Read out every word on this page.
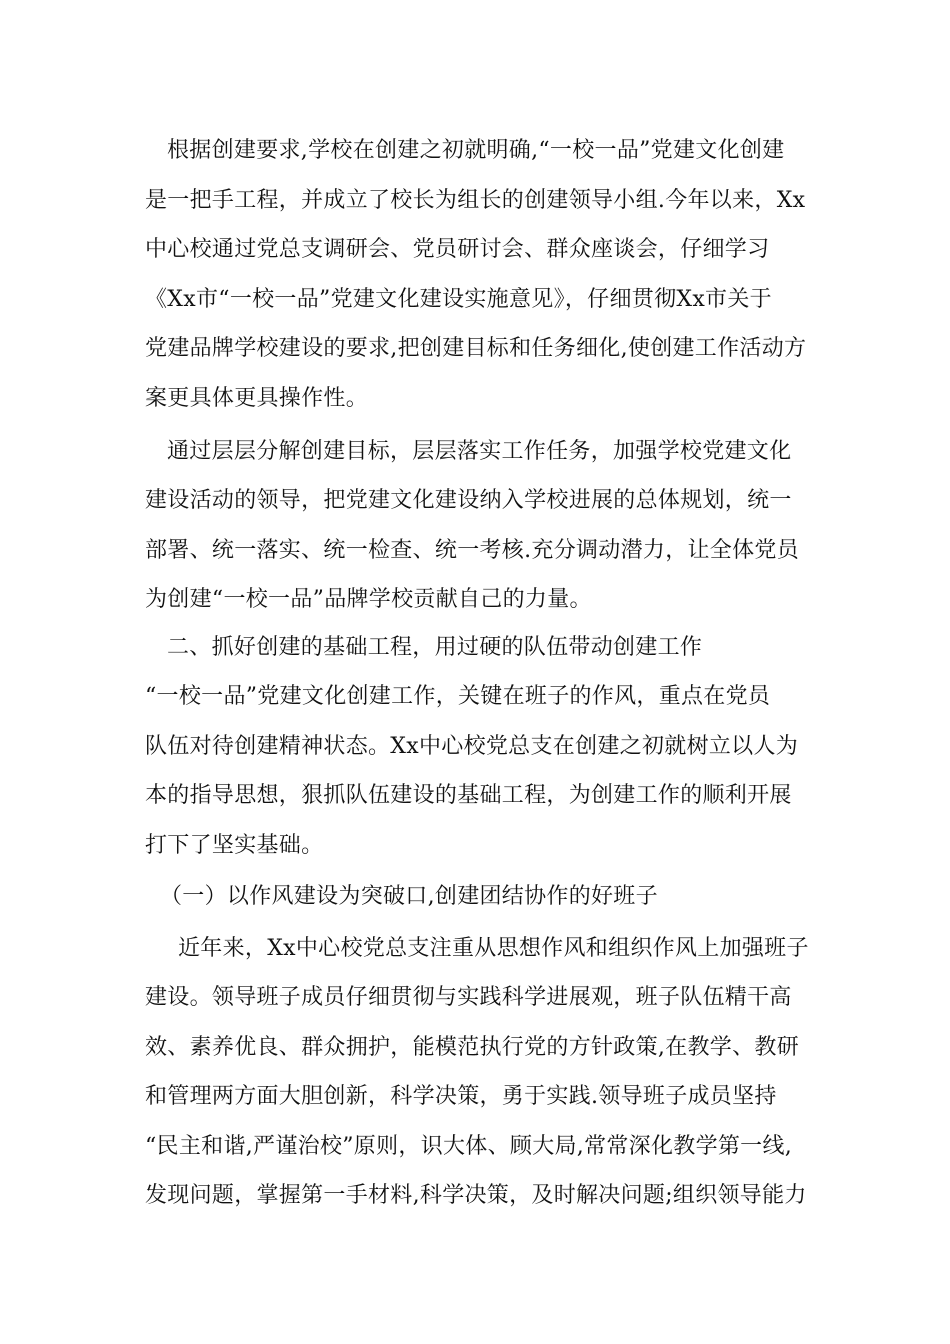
根据创建要求,学校在创建之初就明确,“一校一品”党建文化创建
是一把手工程，并成立了校长为组长的创建领导小组.今年以来，Xx
中心校通过党总支调研会、党员研讨会、群众座谈会，仔细学习
《Xx市“一校一品”党建文化建设实施意见》，仔细贯彻Xx市关于
党建品牌学校建设的要求,把创建目标和任务细化,使创建工作活动方
案更具体更具操作性。
通过层层分解创建目标，层层落实工作任务，加强学校党建文化
建设活动的领导，把党建文化建设纳入学校进展的总体规划，统一
部署、统一落实、统一检查、统一考核.充分调动潜力，让全体党员
为创建“一校一品”品牌学校贡献自己的力量。
二、抓好创建的基础工程，用过硬的队伍带动创建工作
“一校一品”党建文化创建工作，关键在班子的作风，重点在党员
队伍对待创建精神状态。Xx中心校党总支在创建之初就树立以人为
本的指导思想，狠抓队伍建设的基础工程，为创建工作的顺利开展
打下了坚实基础。
（一）以作风建设为突破口,创建团结协作的好班子
近年来，Xx中心校党总支注重从思想作风和组织作风上加强班子
建设。领导班子成员仔细贯彻与实践科学进展观，班子队伍精干高
效、素养优良、群众拥护，能模范执行党的方针政策,在教学、教研
和管理两方面大胆创新，科学决策，勇于实践.领导班子成员坚持
“民主和谐,严谨治校”原则，识大体、顾大局,常常深化教学第一线,
发现问题，掌握第一手材料,科学决策，及时解决问题;组织领导能力
